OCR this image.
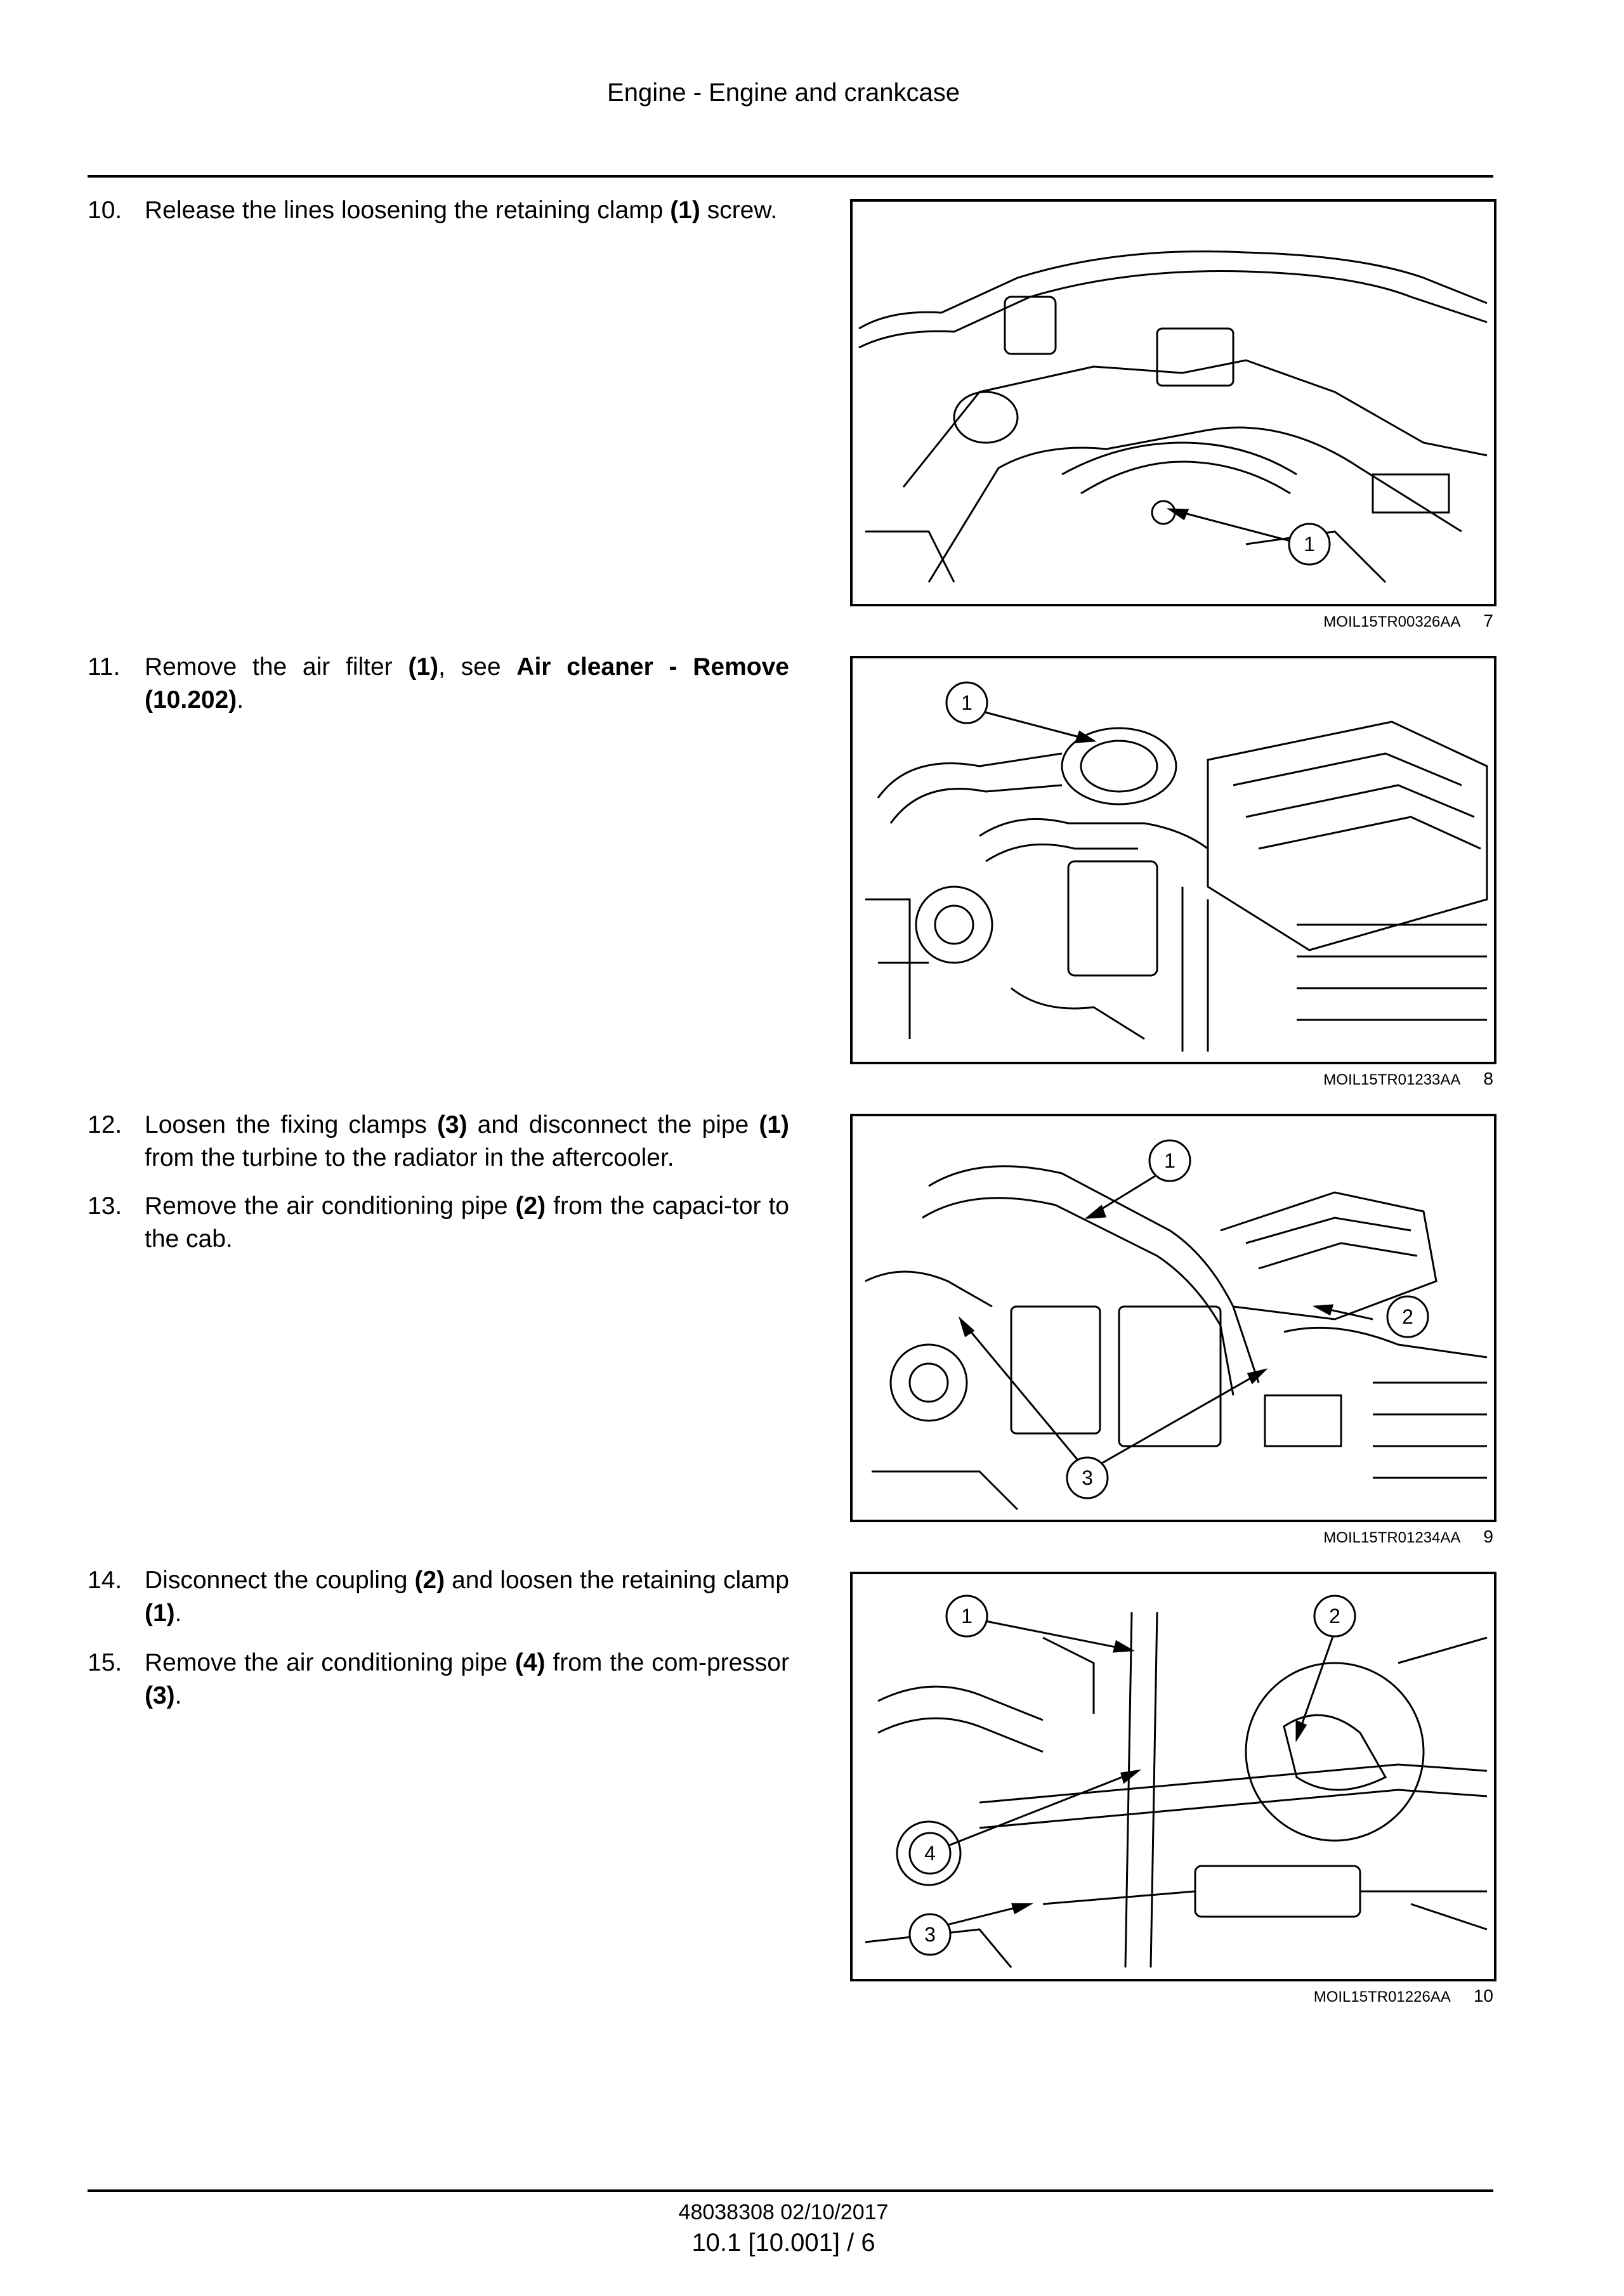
Engine - Engine and crankcase
10. Release the lines loosening the retaining clamp (1) screw.
11. Remove the air filter (1), see Air cleaner - Remove (10.202).
12. Loosen the fixing clamps (3) and disconnect the pipe (1) from the turbine to the radiator in the aftercooler.
13. Remove the air conditioning pipe (2) from the capaci-tor to the cab.
14. Disconnect the coupling (2) and loosen the retaining clamp (1).
15. Remove the air conditioning pipe (4) from the com-pressor (3).
1
MOIL15TR00326AA 7
1
MOIL15TR01233AA 8
1
2
3
MOIL15TR01234AA 9
1	2
4
3
MOIL15TR01226AA 10
48038308 02/10/2017
10.1 [10.001] / 6
